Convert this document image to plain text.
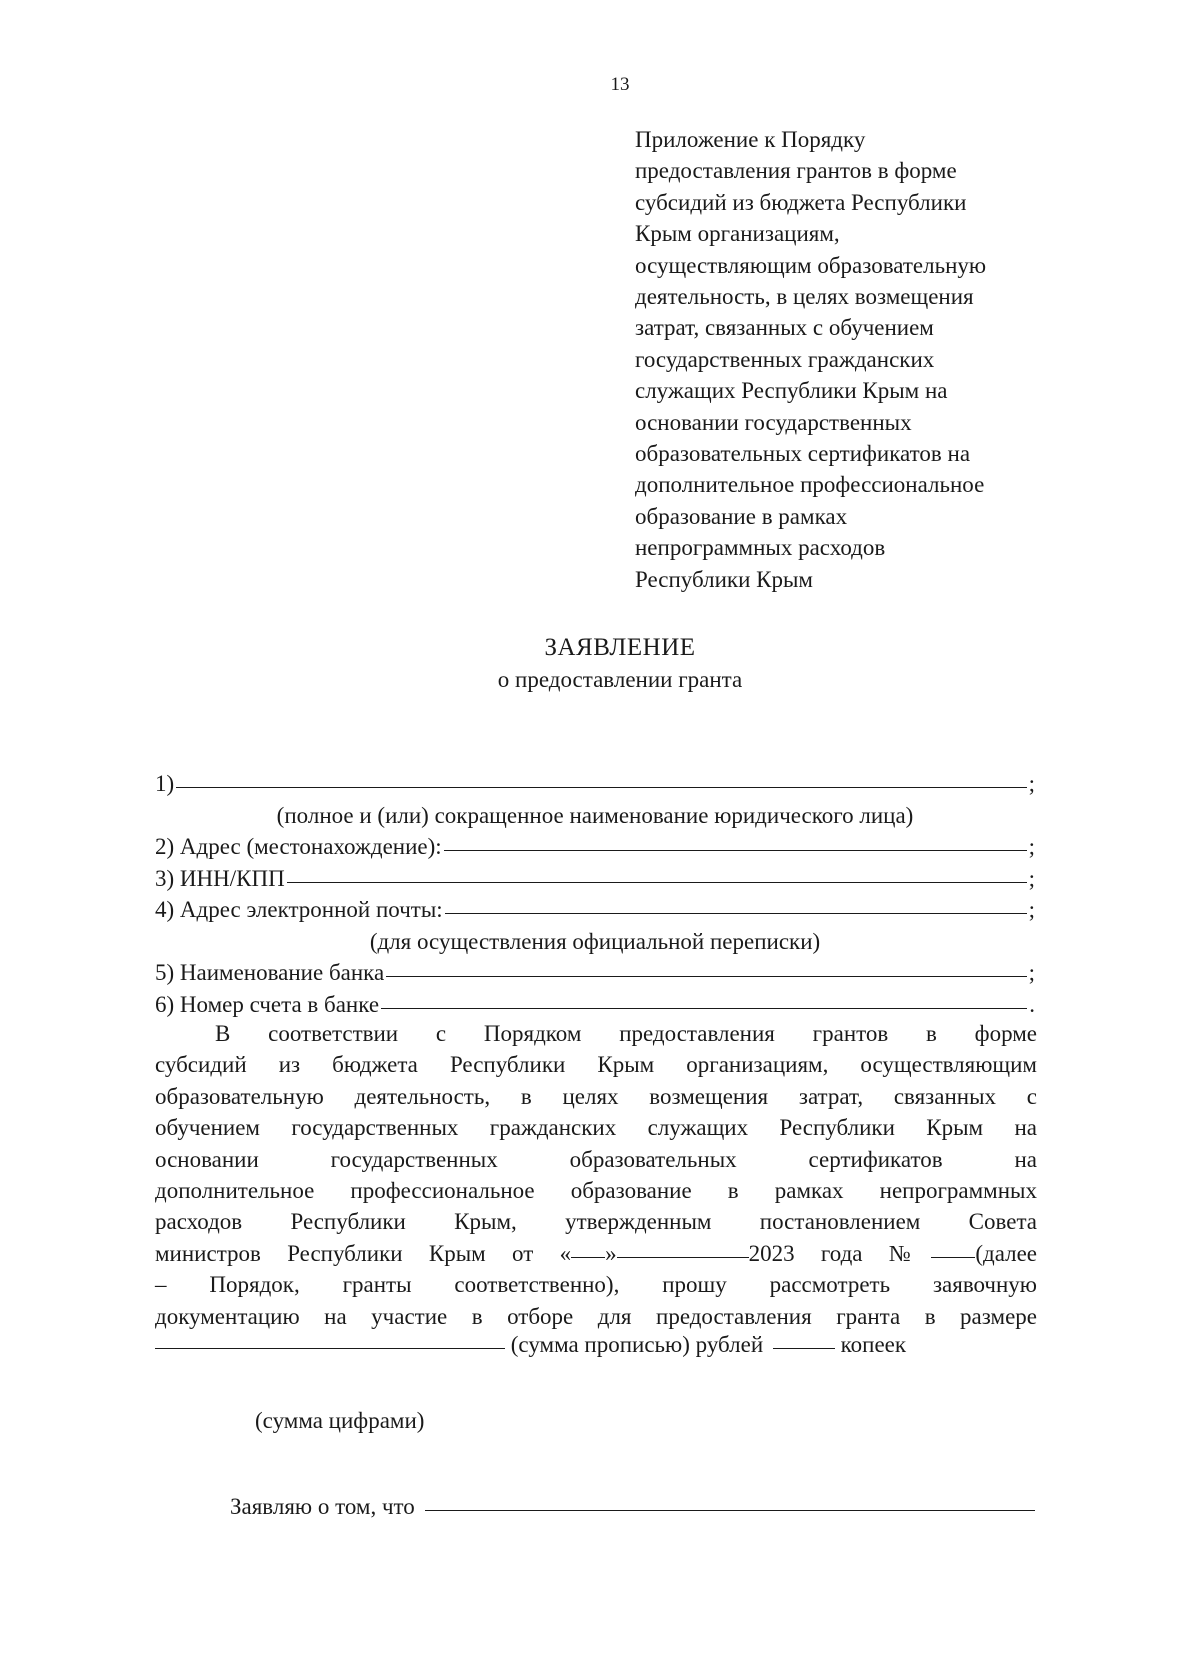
13
Приложение к Порядку
предоставления грантов в форме
субсидий из бюджета Республики
Крым организациям,
осуществляющим образовательную
деятельность, в целях возмещения
затрат, связанных с обучением
государственных гражданских
служащих Республики Крым на
основании государственных
образовательных сертификатов на
дополнительное профессиональное
образование в рамках
непрограммных расходов
Республики Крым
ЗАЯВЛЕНИЕ
о предоставлении гранта
1)	;
(полное и (или) сокращенное наименование юридического лица)
2) Адрес (местонахождение):	;
3) ИНН/КПП	;
4) Адрес электронной почты:	;
(для осуществления официальной переписки)
5) Наименование банка	;
6) Номер счета в банке	.
В соответствии с Порядком предоставления грантов в форме
субсидий из бюджета Республики Крым организациям, осуществляющим
образовательную деятельность, в целях возмещения затрат, связанных с
обучением государственных гражданских служащих Республики Крым на
основании государственных образовательных сертификатов на
дополнительное профессиональное образование в рамках непрограммных
расходов Республики Крым, утвержденным постановлением Совета
министров Республики Крым от « »	2023 года № (далее
– Порядок, гранты соответственно), прошу рассмотреть заявочную
документацию на участие в отборе для предоставления гранта в размере
(сумма прописью) рублей	копеек
(сумма цифрами)
Заявляю о том, что
